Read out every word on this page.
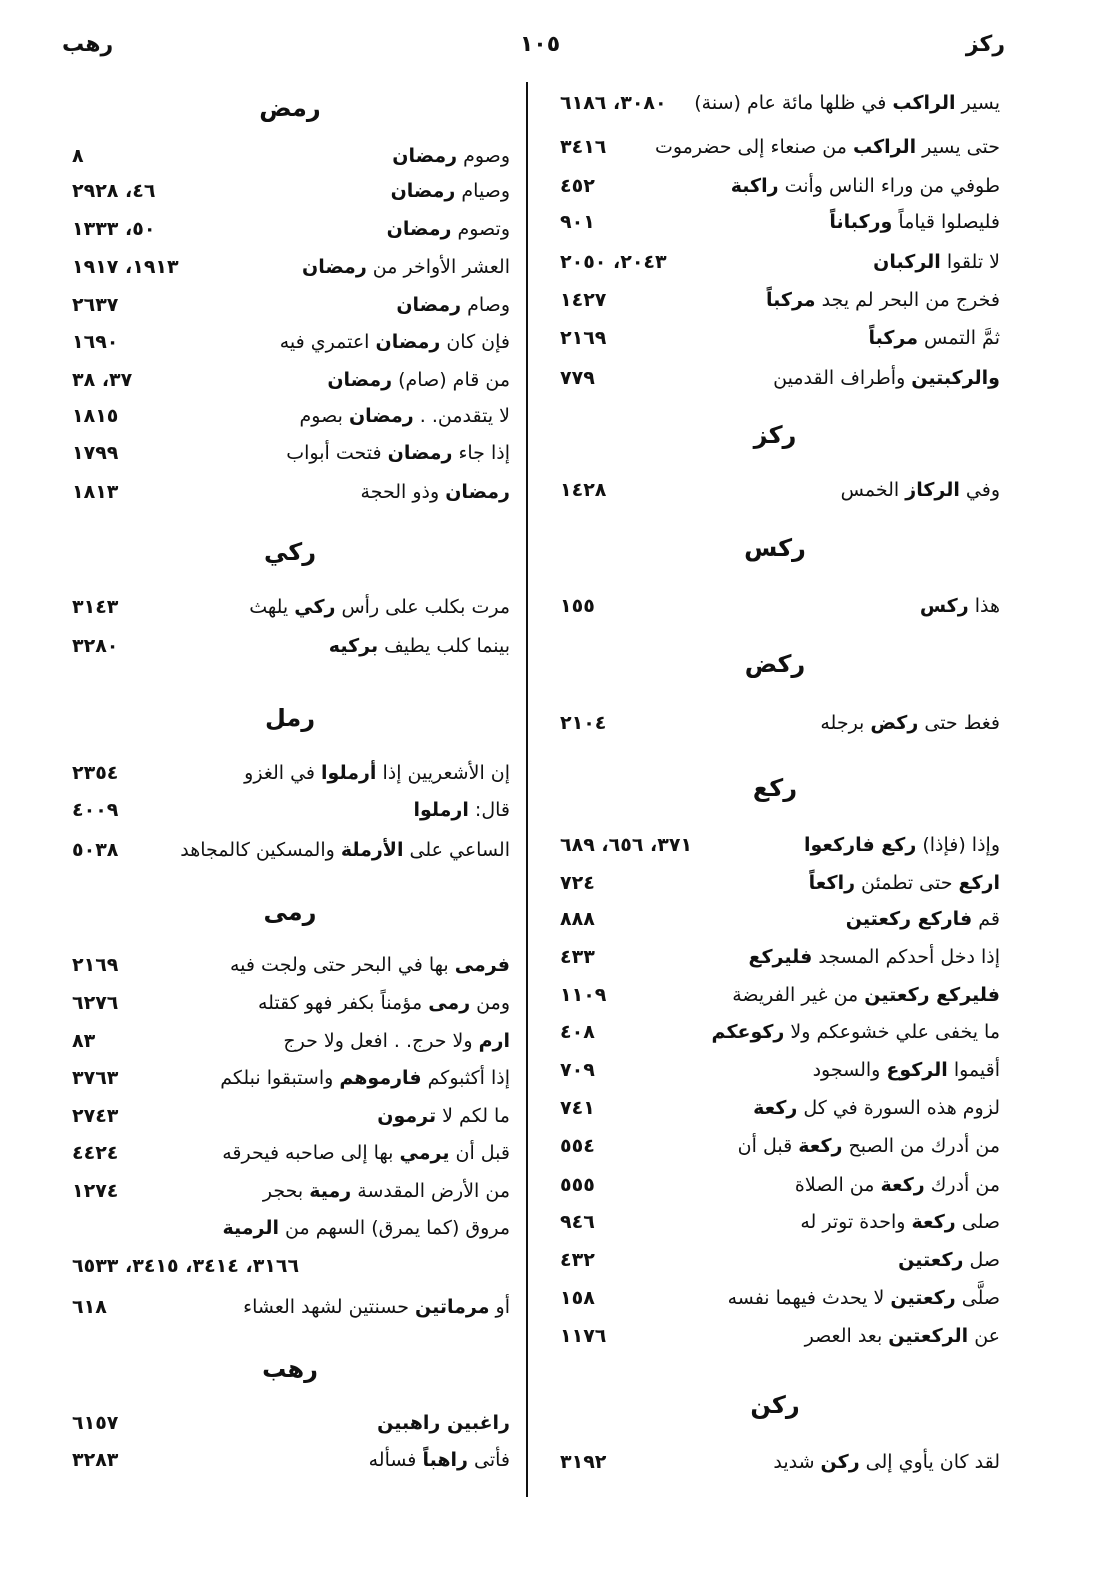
ركز
١٠٥
رهب
يسير الراكب في ظلها مائة عام (سنة)
٣٠٨٠، ٦١٨٦
حتى يسير الراكب من صنعاء إلى حضرموت
٣٤١٦
طوفي من وراء الناس وأنت راكبة
٤٥٢
فليصلوا قياماً وركباناً
٩٠١
لا تلقوا الركبان
٢٠٤٣، ٢٠٥٠
فخرج من البحر لم يجد مركباً
١٤٢٧
ثمَّ التمس مركباً
٢١٦٩
والركبتين وأطراف القدمين
٧٧٩
ركز
وفي الركاز الخمس
١٤٢٨
ركس
هذا ركس
١٥٥
ركض
فغط حتى ركض برجله
٢١٠٤
ركع
وإذا (فإذا) ركع فاركعوا
٣٧١، ٦٥٦، ٦٨٩
اركع حتى تطمئن راكعاً
٧٢٤
قم فاركع ركعتين
٨٨٨
إذا دخل أحدكم المسجد فليركع
٤٣٣
فليركع ركعتين من غير الفريضة
١١٠٩
ما يخفى علي خشوعكم ولا ركوعكم
٤٠٨
أقيموا الركوع والسجود
٧٠٩
لزوم هذه السورة في كل ركعة
٧٤١
من أدرك من الصبح ركعة قبل أن
٥٥٤
من أدرك ركعة من الصلاة
٥٥٥
صلى ركعة واحدة توتر له
٩٤٦
صل ركعتين
٤٣٢
صلَّى ركعتين لا يحدث فيهما نفسه
١٥٨
عن الركعتين بعد العصر
١١٧٦
ركن
لقد كان يأوي إلى ركن شديد
٣١٩٢
رمض
وصوم رمضان
٨
وصيام رمضان
٤٦، ٢٩٢٨
وتصوم رمضان
٥٠، ١٣٣٣
العشر الأواخر من رمضان
١٩١٣، ١٩١٧
وصام رمضان
٢٦٣٧
فإن كان رمضان اعتمري فيه
١٦٩٠
من قام (صام) رمضان
٣٧، ٣٨
لا يتقدمن. . رمضان بصوم
١٨١٥
إذا جاء رمضان فتحت أبواب
١٧٩٩
رمضان وذو الحجة
١٨١٣
ركي
مرت بكلب على رأس ركي يلهث
٣١٤٣
بينما كلب يطيف بركيه
٣٢٨٠
رمل
إن الأشعريين إذا أرملوا في الغزو
٢٣٥٤
قال: ارملوا
٤٠٠٩
الساعي على الأرملة والمسكين كالمجاهد
٥٠٣٨
رمى
فرمى بها في البحر حتى ولجت فيه
٢١٦٩
ومن رمى مؤمناً بكفر فهو كقتله
٦٢٧٦
ارم ولا حرج. . افعل ولا حرج
٨٣
إذا أكثبوكم فارموهم واستبقوا نبلكم
٣٧٦٣
ما لكم لا ترمون
٢٧٤٣
قبل أن يرمي بها إلى صاحبه فيحرقه
٤٤٢٤
من الأرض المقدسة رمية بحجر
١٢٧٤
مروق (كما يمرق) السهم من الرمية
٣١٦٦، ٣٤١٤، ٣٤١٥، ٦٥٣٣
أو مرماتين حسنتين لشهد العشاء
٦١٨
رهب
راغبين راهبين
٦١٥٧
فأتى راهباً فسأله
٣٢٨٣
